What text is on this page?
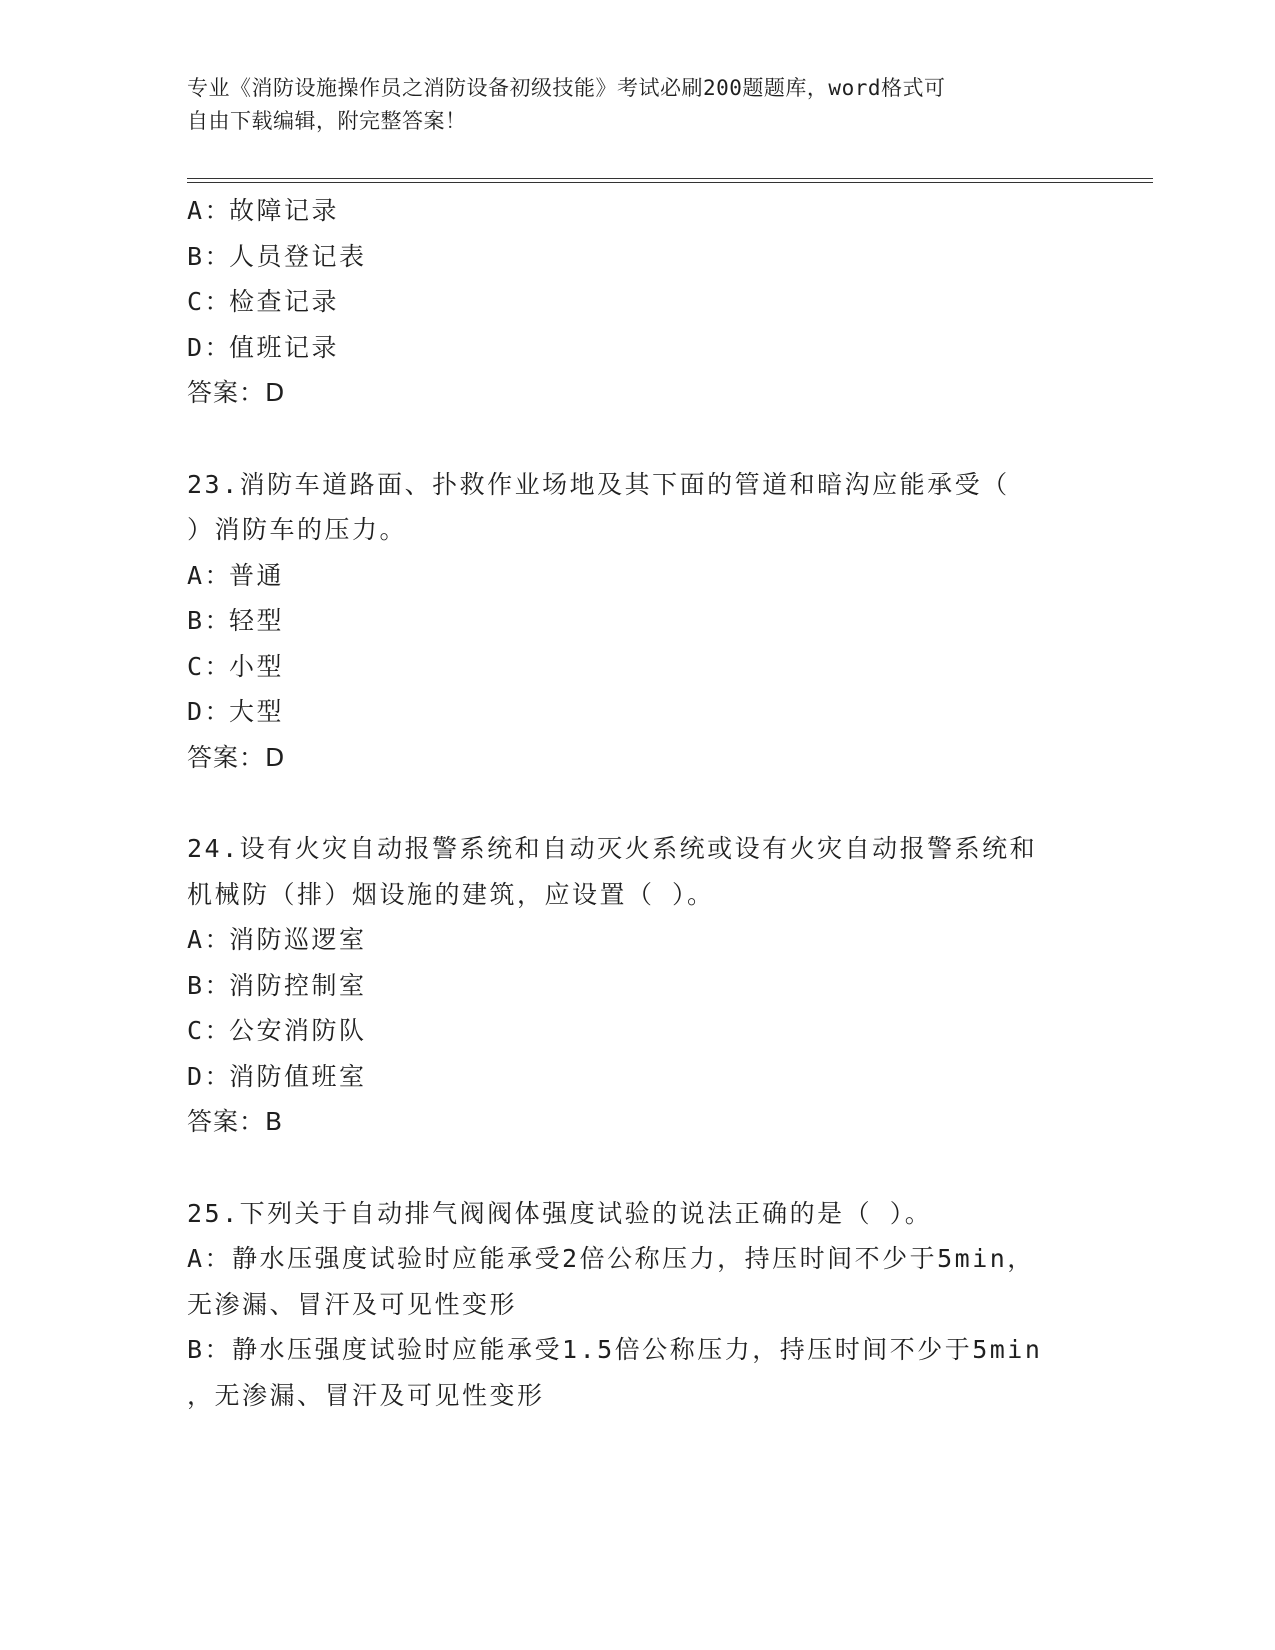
专业《消防设施操作员之消防设备初级技能》考试必刷200题题库，word格式可
自由下载编辑，附完整答案！
A：故障记录
B：人员登记表
C：检查记录
D：值班记录
答案：D
23.消防车道路面、扑救作业场地及其下面的管道和暗沟应能承受（
）消防车的压力。
A：普通
B：轻型
C：小型
D：大型
答案：D
24.设有火灾自动报警系统和自动灭火系统或设有火灾自动报警系统和
机械防（排）烟设施的建筑，应设置（ ）。
A：消防巡逻室
B：消防控制室
C：公安消防队
D：消防值班室
答案：B
25.下列关于自动排气阀阀体强度试验的说法正确的是（ ）。
A：静水压强度试验时应能承受2倍公称压力，持压时间不少于5min，
无渗漏、冒汗及可见性变形
B：静水压强度试验时应能承受1.5倍公称压力，持压时间不少于5min
，无渗漏、冒汗及可见性变形
